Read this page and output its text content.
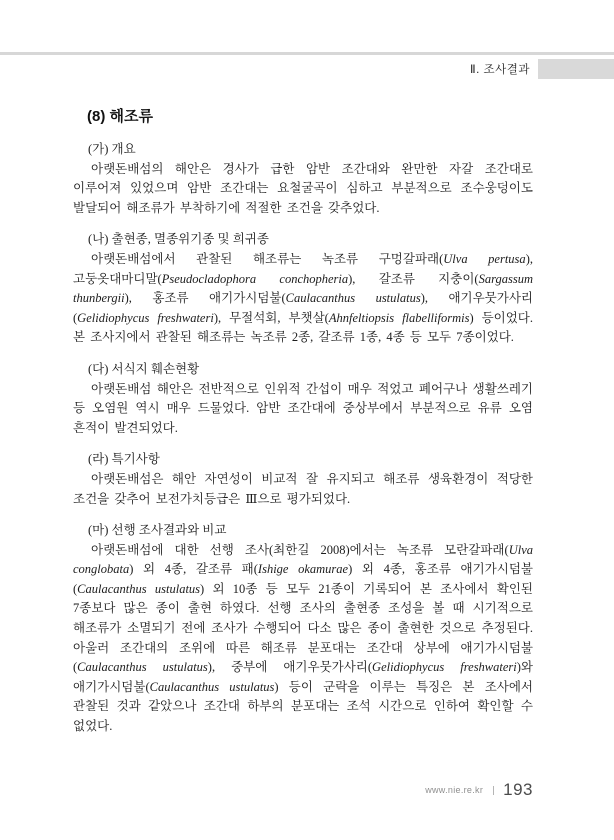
Ⅱ. 조사결과
(8) 해조류
(가) 개요

아랫돈배섬의 해안은 경사가 급한 암반 조간대와 완만한 자갈 조간대로 이루어져 있었으며 암반 조간대는 요철굴곡이 심하고 부분적으로 조수웅덩이도 발달되어 해조류가 부착하기에 적절한 조건을 갖추었다.

(나) 출현종, 멸종위기종 및 희귀종

아랫돈배섬에서 관찰된 해조류는 녹조류 구멍갈파래(Ulva pertusa), 고둥옷대마디말(Pseudocladophora conchopheria), 갈조류 지충이(Sargassum thunbergii), 홍조류 애기가시덤불(Caulacanthus ustulatus), 애기우뭇가사리(Gelidiophycus freshwateri), 무절석회, 부챗살(Ahnfeltiopsis flabelliformis) 등이었다. 본 조사지에서 관찰된 해조류는 녹조류 2종, 갈조류 1종, 4종 등 모두 7종이었다.

(다) 서식지 훼손현황

아랫돈배섬 해안은 전반적으로 인위적 간섭이 매우 적었고 폐어구나 생활쓰레기 등 오염원 역시 매우 드물었다. 암반 조간대에 중상부에서 부분적으로 유류 오염 흔적이 발견되었다.

(라) 특기사항

아랫돈배섬은 해안 자연성이 비교적 잘 유지되고 해조류 생육환경이 적당한 조건을 갖추어 보전가치등급은 Ⅲ으로 평가되었다.

(마) 선행 조사결과와 비교

아랫돈배섬에 대한 선행 조사(최한길 2008)에서는 녹조류 모란갈파래(Ulva conglobata) 외 4종, 갈조류 패(Ishige okamurae) 외 4종, 홍조류 애기가시덤불(Caulacanthus ustulatus) 외 10종 등 모두 21종이 기록되어 본 조사에서 확인된 7종보다 많은 종이 출현 하였다. 선행 조사의 출현종 조성을 볼 때 시기적으로 해조류가 소멸되기 전에 조사가 수행되어 다소 많은 종이 출현한 것으로 추정된다. 아울러 조간대의 조위에 따른 해조류 분포대는 조간대 상부에 애기가시덤불(Caulacanthus ustulatus), 중부에 애기우뭇가사리(Gelidiophycus freshwateri)와 애기가시덤불(Caulacanthus ustulatus) 등이 군락을 이루는 특징은 본 조사에서 관찰된 것과 같았으나 조간대 하부의 분포대는 조석 시간으로 인하여 확인할 수 없었다.

www.nie.re.kr 193
